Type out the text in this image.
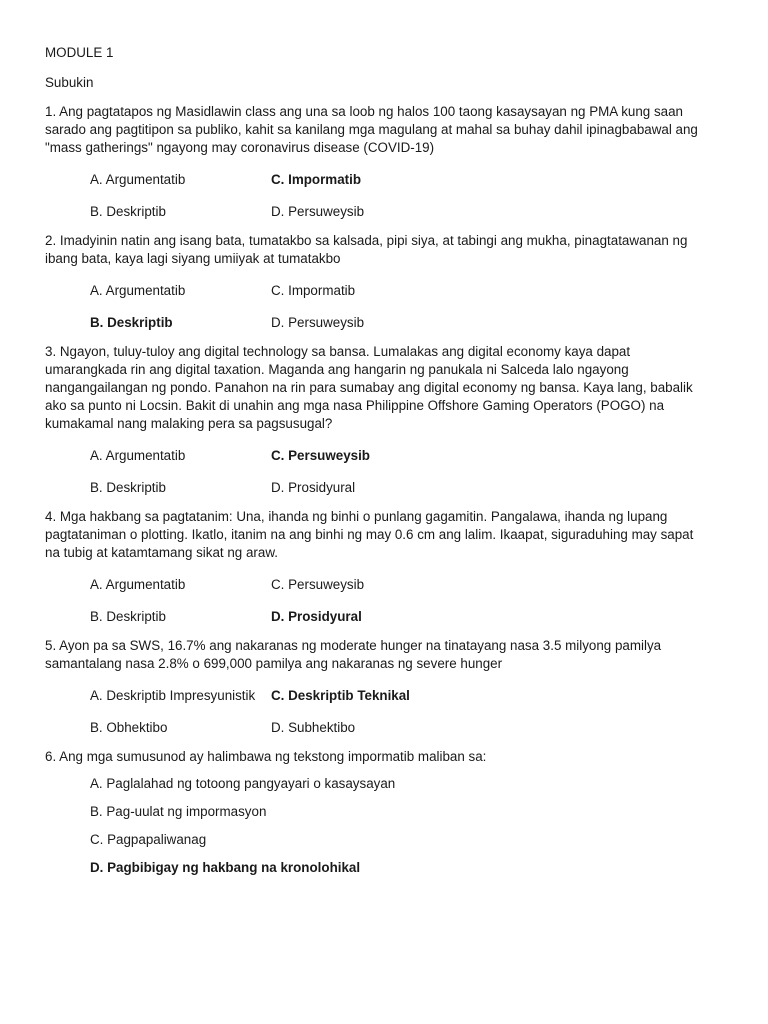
MODULE 1
Subukin
1. Ang pagtatapos ng Masidlawin class ang una sa loob ng halos 100 taong kasaysayan ng PMA kung saan
sarado ang pagtitipon sa publiko, kahit sa kanilang mga magulang at mahal sa buhay dahil ipinagbabawal ang
"mass gatherings" ngayong may coronavirus disease (COVID-19)
A. Argumentatib	C. Impormatib
B. Deskriptib	D. Persuweysib
2. Imadyinin natin ang isang bata, tumatakbo sa kalsada, pipi siya, at tabingi ang mukha, pinagtatawanan ng
ibang bata, kaya lagi siyang umiiyak at tumatakbo
A. Argumentatib	C. Impormatib
B. Deskriptib	D. Persuweysib
3. Ngayon, tuluy-tuloy ang digital technology sa bansa. Lumalakas ang digital economy kaya dapat
umarangkada rin ang digital taxation. Maganda ang hangarin ng panukala ni Salceda lalo ngayong
nangangailangan ng pondo. Panahon na rin para sumabay ang digital economy ng bansa. Kaya lang, babalik
ako sa punto ni Locsin. Bakit di unahin ang mga nasa Philippine Offshore Gaming Operators (POGO) na
kumakamal nang malaking pera sa pagsusugal?
A. Argumentatib	C. Persuweysib
B. Deskriptib	D. Prosidyural
4. Mga hakbang sa pagtatanim: Una, ihanda ng binhi o punlang gagamitin. Pangalawa, ihanda ng lupang
pagtataniman o plotting. Ikatlo, itanim na ang binhi ng may 0.6 cm ang lalim. Ikaapat, siguraduhing may sapat
na tubig at katamtamang sikat ng araw.
A. Argumentatib	C. Persuweysib
B. Deskriptib	D. Prosidyural
5. Ayon pa sa SWS, 16.7% ang nakaranas ng moderate hunger na tinatayang nasa 3.5 milyong pamilya
samantalang nasa 2.8% o 699,000 pamilya ang nakaranas ng severe hunger
A. Deskriptib Impresyunistik	C. Deskriptib Teknikal
B. Obhektibo	D. Subhektibo
6. Ang mga sumusunod ay halimbawa ng tekstong impormatib maliban sa:
A. Paglalahad ng totoong pangyayari o kasaysayan
B. Pag-uulat ng impormasyon
C. Pagpapaliwanag
D. Pagbibigay ng hakbang na kronolohikal
